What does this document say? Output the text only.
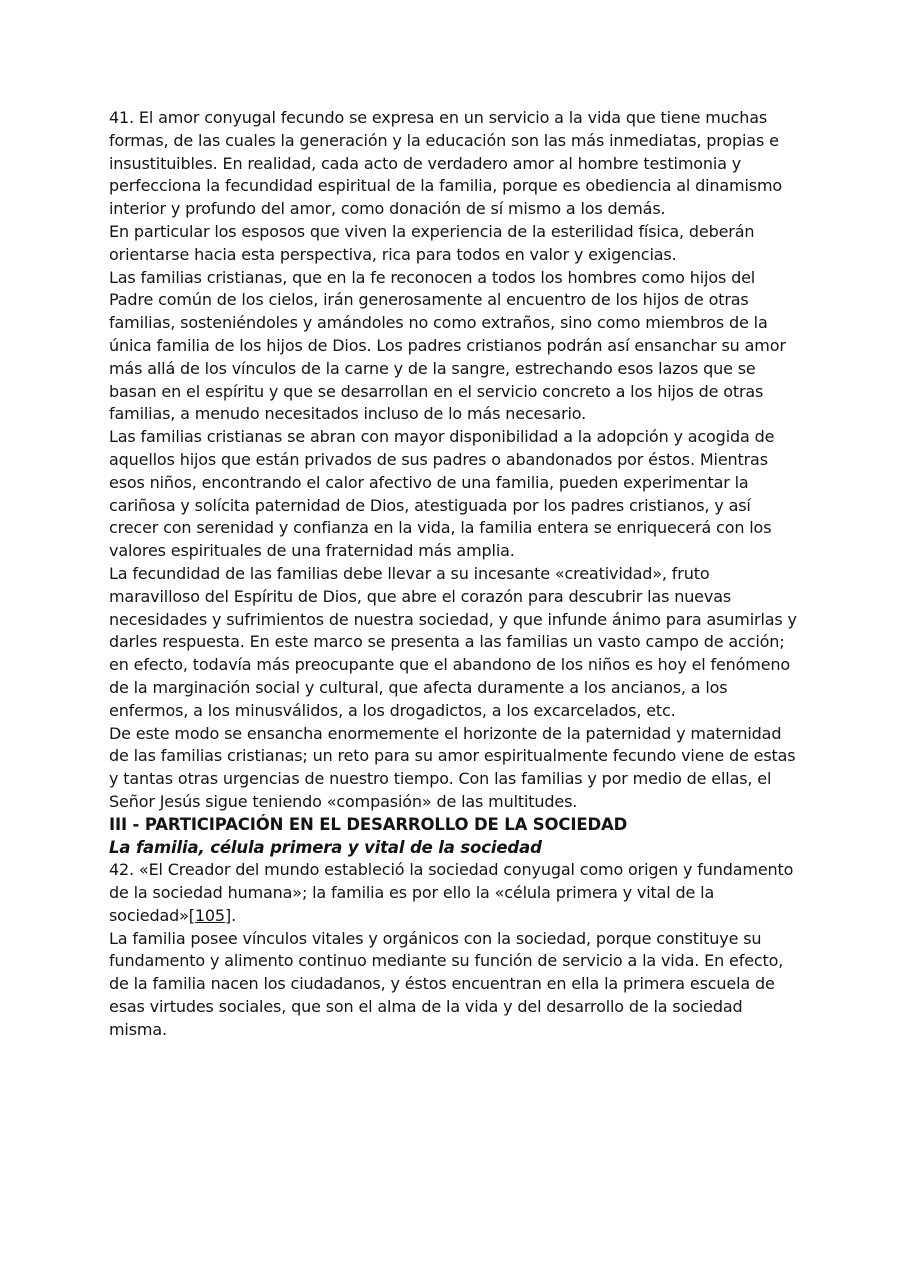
41. El amor conyugal fecundo se expresa en un servicio a la vida que tiene muchas formas, de las cuales la generación y la educación son las más inmediatas, propias e insustituibles. En realidad, cada acto de verdadero amor al hombre testimonia y perfecciona la fecundidad espiritual de la familia, porque es obediencia al dinamismo interior y profundo del amor, como donación de sí mismo a los demás.

En particular los esposos que viven la experiencia de la esterilidad física, deberán orientarse hacia esta perspectiva, rica para todos en valor y exigencias.

Las familias cristianas, que en la fe reconocen a todos los hombres como hijos del Padre común de los cielos, irán generosamente al encuentro de los hijos de otras familias, sosteniéndoles y amándoles no como extraños, sino como miembros de la única familia de los hijos de Dios. Los padres cristianos podrán así ensanchar su amor más allá de los vínculos de la carne y de la sangre, estrechando esos lazos que se basan en el espíritu y que se desarrollan en el servicio concreto a los hijos de otras familias, a menudo necesitados incluso de lo más necesario.

Las familias cristianas se abran con mayor disponibilidad a la adopción y acogida de aquellos hijos que están privados de sus padres o abandonados por éstos. Mientras esos niños, encontrando el calor afectivo de una familia, pueden experimentar la cariñosa y solícita paternidad de Dios, atestiguada por los padres cristianos, y así crecer con serenidad y confianza en la vida, la familia entera se enriquecerá con los valores espirituales de una fraternidad más amplia.

La fecundidad de las familias debe llevar a su incesante «creatividad», fruto maravilloso del Espíritu de Dios, que abre el corazón para descubrir las nuevas necesidades y sufrimientos de nuestra sociedad, y que infunde ánimo para asumirlas y darles respuesta. En este marco se presenta a las familias un vasto campo de acción; en efecto, todavía más preocupante que el abandono de los niños es hoy el fenómeno de la marginación social y cultural, que afecta duramente a los ancianos, a los enfermos, a los minusválidos, a los drogadictos, a los excarcelados, etc.

De este modo se ensancha enormemente el horizonte de la paternidad y maternidad de las familias cristianas; un reto para su amor espiritualmente fecundo viene de estas y tantas otras urgencias de nuestro tiempo. Con las familias y por medio de ellas, el Señor Jesús sigue teniendo «compasión» de las multitudes.

III - PARTICIPACIÓN EN EL DESARROLLO DE LA SOCIEDAD

La familia, célula primera y vital de la sociedad

42. «El Creador del mundo estableció la sociedad conyugal como origen y fundamento de la sociedad humana»; la familia es por ello la «célula primera y vital de la sociedad»[105].

La familia posee vínculos vitales y orgánicos con la sociedad, porque constituye su fundamento y alimento continuo mediante su función de servicio a la vida. En efecto, de la familia nacen los ciudadanos, y éstos encuentran en ella la primera escuela de esas virtudes sociales, que son el alma de la vida y del desarrollo de la sociedad misma.
